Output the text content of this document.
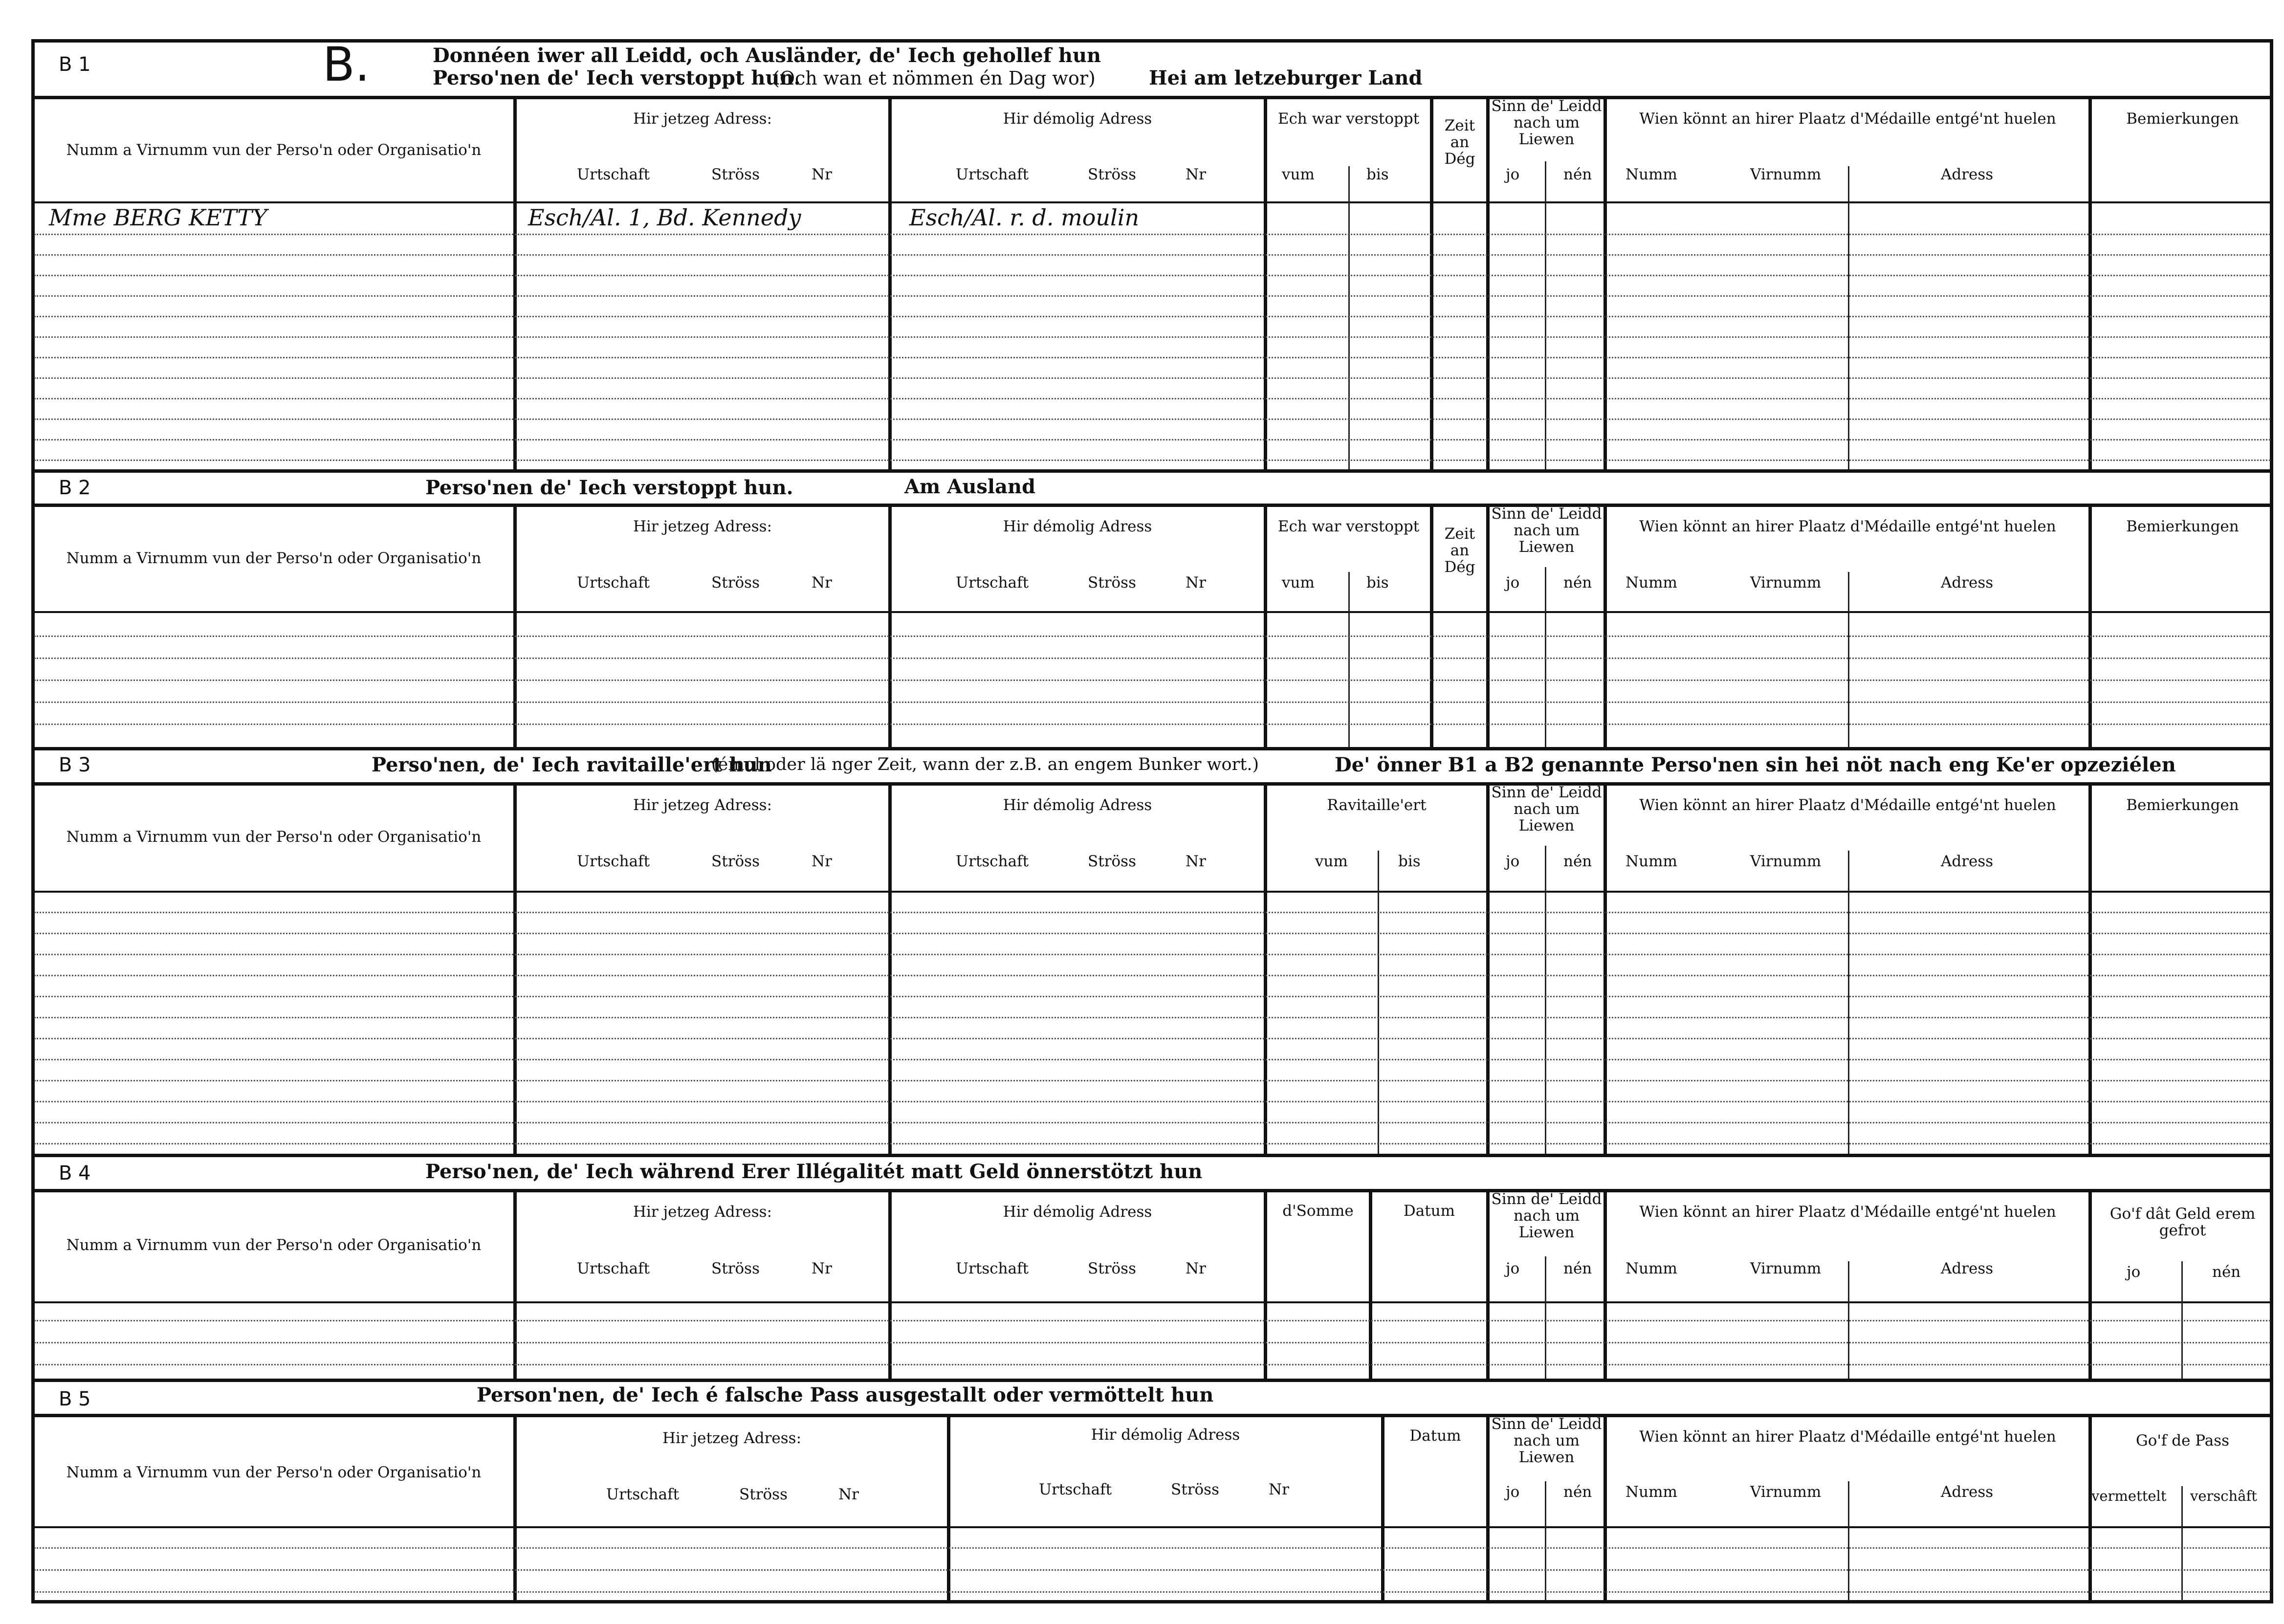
B 1	B.	Donnéen iwer all Leidd, och Ausländer, de' Iech gehollef hun
Perso'nen de' Iech verstoppt hun.
(Och wan et nömmen én Dag wor)	Hei am letzeburger Land
Numm a Virnumm vun der Perso'n oder Organisatio'n
Hir jetzeg Adress:
Urtschaft	Ströss	Nr
Hir démolig Adress
Urtschaft	Ströss	Nr
Ech war verstoppt
vum	bis
Zeit an Dég
Sinn de' Leidd nach um Liewen
jo	nén
Wien könnt an hirer Plaatz d'Médaille entgé'nt huelen
Numm	Virnumm	Adress
Bemierkungen
Mme BERG KETTY	Esch/Al. 1, Bd. Kennedy	Esch/Al. r. d. moulin
B 2	Perso'nen de' Iech verstoppt hun.	Am Ausland
Numm a Virnumm vun der Perso'n oder Organisatio'n
Hir jetzeg Adress:
Urtschaft	Ströss	Nr
Hir démolig Adress
Urtschaft	Ströss	Nr
Ech war verstoppt
vum	bis
Zeit an Dég
Sinn de' Leidd nach um Liewen
jo	nén
Wien könnt an hirer Plaatz d'Médaille entgé'nt huelen
Numm	Virnumm	Adress
Bemierkungen
B 3	Perso'nen, de' Iech ravitaille'ert hun
(émol oder lä nger Zeit, wann der z.B. an engem Bunker wort.)	De' önner B1 a B2 genannte Perso'nen sin hei nöt nach eng Ke'er opzeziélen
Numm a Virnumm vun der Perso'n oder Organisatio'n
Hir jetzeg Adress:
Urtschaft	Ströss	Nr
Hir démolig Adress
Urtschaft	Ströss	Nr
Ravitaille'ert
vum	bis
Sinn de' Leidd nach um Liewen
jo	nén
Wien könnt an hirer Plaatz d'Médaille entgé'nt huelen
Numm	Virnumm	Adress
Bemierkungen
B 4	Perso'nen, de' Iech während Erer Illégalitét matt Geld önnerstötzt hun
Numm a Virnumm vun der Perso'n oder Organisatio'n
Hir jetzeg Adress:
Urtschaft	Ströss	Nr
Hir démolig Adress
Urtschaft	Ströss	Nr
d'Somme	Datum
Sinn de' Leidd nach um Liewen
jo	nén
Wien könnt an hirer Plaatz d'Médaille entgé'nt huelen
Numm	Virnumm	Adress
Go'f dât Geld erem gefrot
jo	nén
B 5	Person'nen, de' Iech é falsche Pass ausgestallt oder vermöttelt hun
Numm a Virnumm vun der Perso'n oder Organisatio'n
Hir jetzeg Adress:
Urtschaft	Ströss	Nr
Hir démolig Adress
Urtschaft	Ströss	Nr
Datum
Sinn de' Leidd nach um Liewen
jo	nén
Wien könnt an hirer Plaatz d'Médaille entgé'nt huelen
Numm	Virnumm	Adress
Go'f de Pass
vermettelt verschâft
